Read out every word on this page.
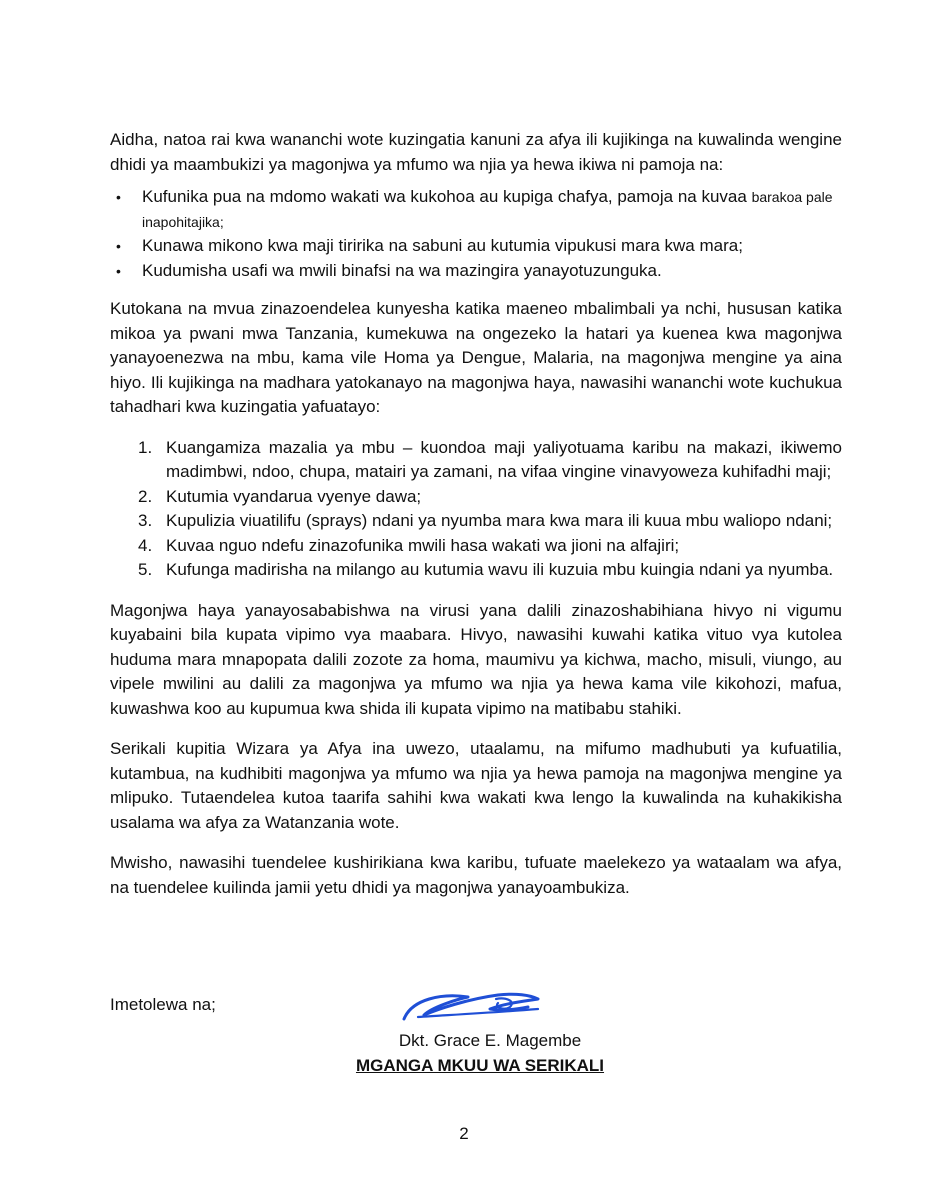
Aidha, natoa rai kwa wananchi wote kuzingatia kanuni za afya ili kujikinga na kuwalinda wengine dhidi ya maambukizi ya magonjwa ya mfumo wa njia ya hewa ikiwa ni pamoja na:

• Kufunika pua na mdomo wakati wa kukohoa au kupiga chafya, pamoja na kuvaa barakoa pale inapohitajika;
• Kunawa mikono kwa maji tiririka na sabuni au kutumia vipukusi mara kwa mara;
• Kudumisha usafi wa mwili binafsi na wa mazingira yanayotuzunguka.

Kutokana na mvua zinazoendelea kunyesha katika maeneo mbalimbali ya nchi, hususan katika mikoa ya pwani mwa Tanzania, kumekuwa na ongezeko la hatari ya kuenea kwa magonjwa yanayoenezwa na mbu, kama vile Homa ya Dengue, Malaria, na magonjwa mengine ya aina hiyo. Ili kujikinga na madhara yatokanayo na magonjwa haya, nawasihi wananchi wote kuchukua tahadhari kwa kuzingatia yafuatayo:

1. Kuangamiza mazalia ya mbu – kuondoa maji yaliyotuama karibu na makazi, ikiwemo madimbwi, ndoo, chupa, matairi ya zamani, na vifaa vingine vinavyoweza kuhifadhi maji;
2. Kutumia vyandarua vyenye dawa;
3. Kupulizia viuatilifu (sprays) ndani ya nyumba mara kwa mara ili kuua mbu waliopo ndani;
4. Kuvaa nguo ndefu zinazofunika mwili hasa wakati wa jioni na alfajiri;
5. Kufunga madirisha na milango au kutumia wavu ili kuzuia mbu kuingia ndani ya nyumba.

Magonjwa haya yanayosababishwa na virusi yana dalili zinazoshabihiana hivyo ni vigumu kuyabaini bila kupata vipimo vya maabara. Hivyo, nawasihi kuwahi katika vituo vya kutolea huduma mara mnapopata dalili zozote za homa, maumivu ya kichwa, macho, misuli, viungo, au vipele mwilini au dalili za magonjwa ya mfumo wa njia ya hewa kama vile kikohozi, mafua, kuwashwa koo au kupumua kwa shida ili kupata vipimo na matibabu stahiki.

Serikali kupitia Wizara ya Afya ina uwezo, utaalamu, na mifumo madhubuti ya kufuatilia, kutambua, na kudhibiti magonjwa ya mfumo wa njia ya hewa pamoja na magonjwa mengine ya mlipuko. Tutaendelea kutoa taarifa sahihi kwa wakati kwa lengo la kuwalinda na kuhakikisha usalama wa afya za Watanzania wote.

Mwisho, nawasihi tuendelee kushirikiana kwa karibu, tufuate maelekezo ya wataalam wa afya, na tuendelee kuilinda jamii yetu dhidi ya magonjwa yanayoambukiza.

Imetolewa na;
Dkt. Grace E. Magembe
MGANGA MKUU WA SERIKALI
2
